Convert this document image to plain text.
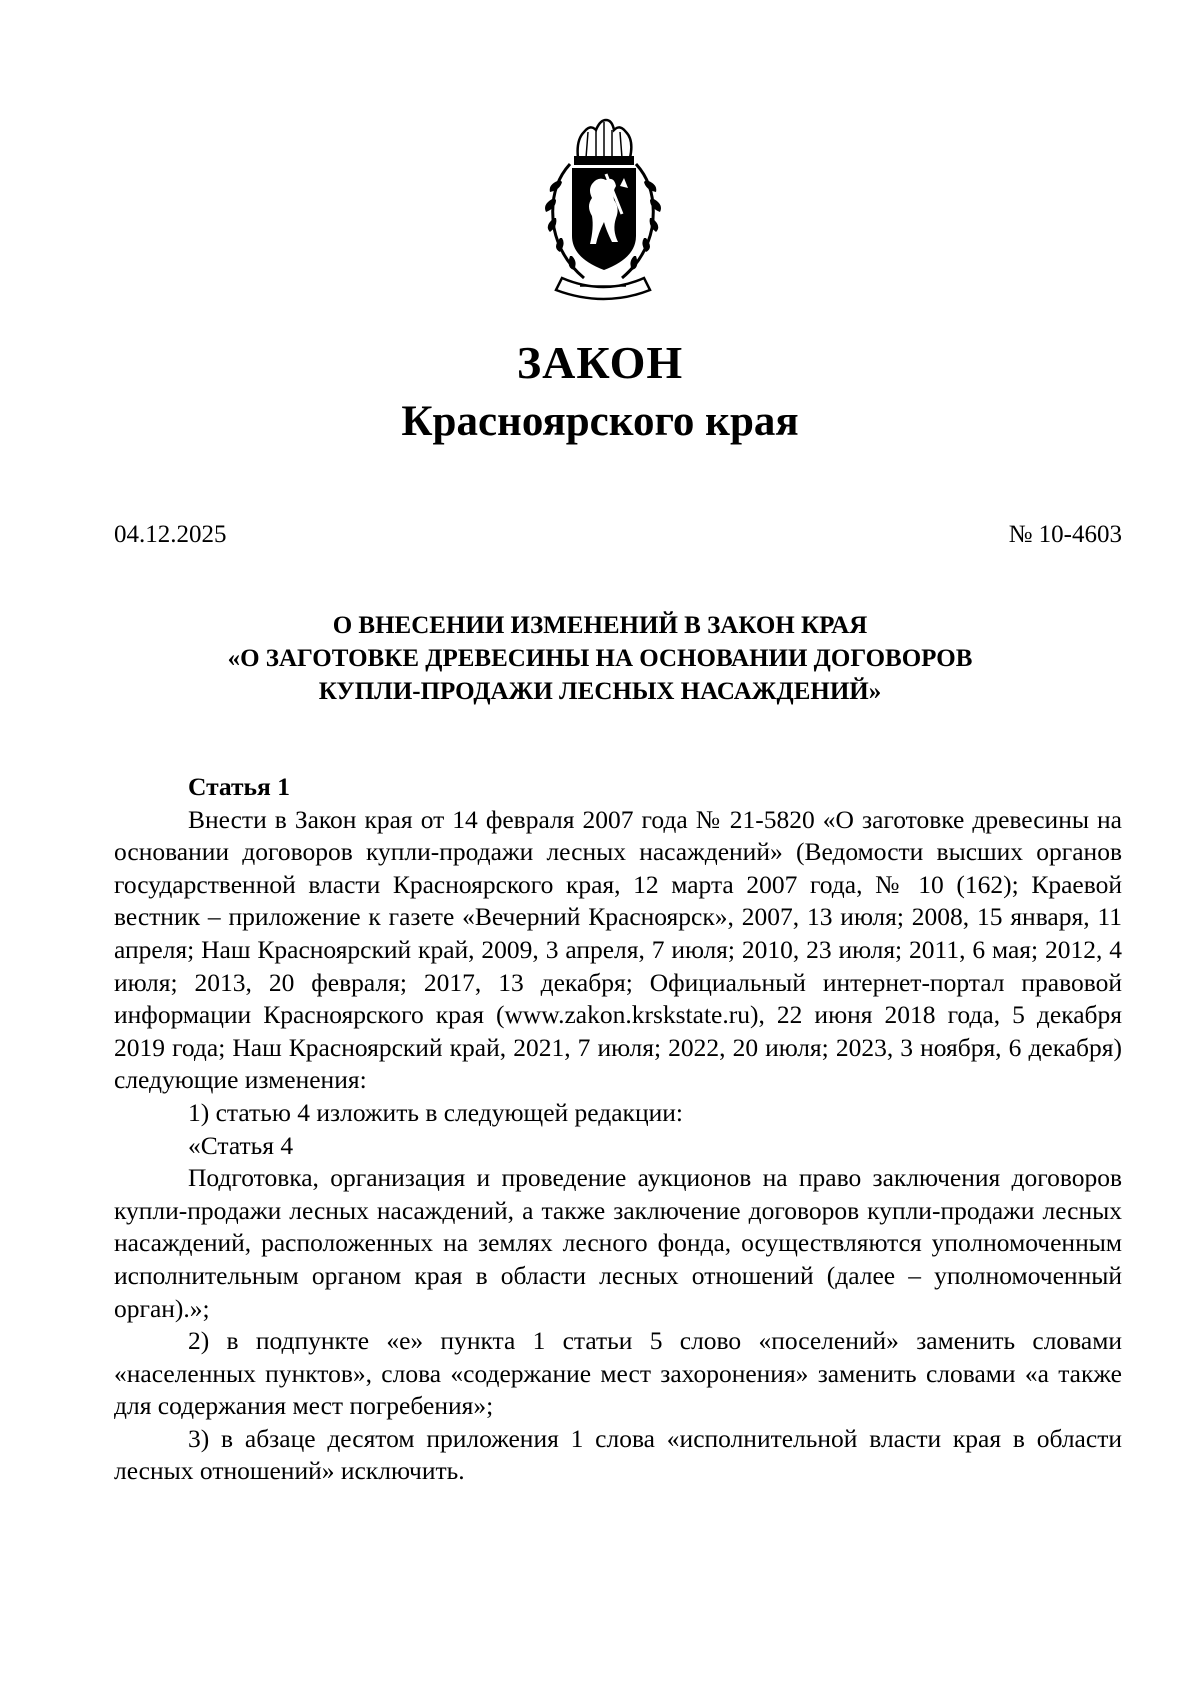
ЗАКОН
Красноярского края
04.12.2025	№ 10-4603
О ВНЕСЕНИИ ИЗМЕНЕНИЙ В ЗАКОН КРАЯ
«О ЗАГОТОВКЕ ДРЕВЕСИНЫ НА ОСНОВАНИИ ДОГОВОРОВ
КУПЛИ-ПРОДАЖИ ЛЕСНЫХ НАСАЖДЕНИЙ»

Статья 1

Внести в Закон края от 14 февраля 2007 года № 21-5820 «О заготовке древесины на основании договоров купли-продажи лесных насаждений» (Ведомости высших органов государственной власти Красноярского края, 12 марта 2007 года, № 10 (162); Краевой вестник – приложение к газете «Вечерний Красноярск», 2007, 13 июля; 2008, 15 января, 11 апреля; Наш Красноярский край, 2009, 3 апреля, 7 июля; 2010, 23 июля; 2011, 6 мая; 2012, 4 июля; 2013, 20 февраля; 2017, 13 декабря; Официальный интернет-портал правовой информации Красноярского края (www.zakon.krskstate.ru), 22 июня 2018 года, 5 декабря 2019 года; Наш Красноярский край, 2021, 7 июля; 2022, 20 июля; 2023, 3 ноября, 6 декабря) следующие изменения:

1) статью 4 изложить в следующей редакции:

«Статья 4

Подготовка, организация и проведение аукционов на право заключения договоров купли-продажи лесных насаждений, а также заключение договоров купли-продажи лесных насаждений, расположенных на землях лесного фонда, осуществляются уполномоченным исполнительным органом края в области лесных отношений (далее – уполномоченный орган).»;

2) в подпункте «е» пункта 1 статьи 5 слово «поселений» заменить словами «населенных пунктов», слова «содержание мест захоронения» заменить словами «а также для содержания мест погребения»;

3) в абзаце десятом приложения 1 слова «исполнительной власти края в области лесных отношений» исключить.
